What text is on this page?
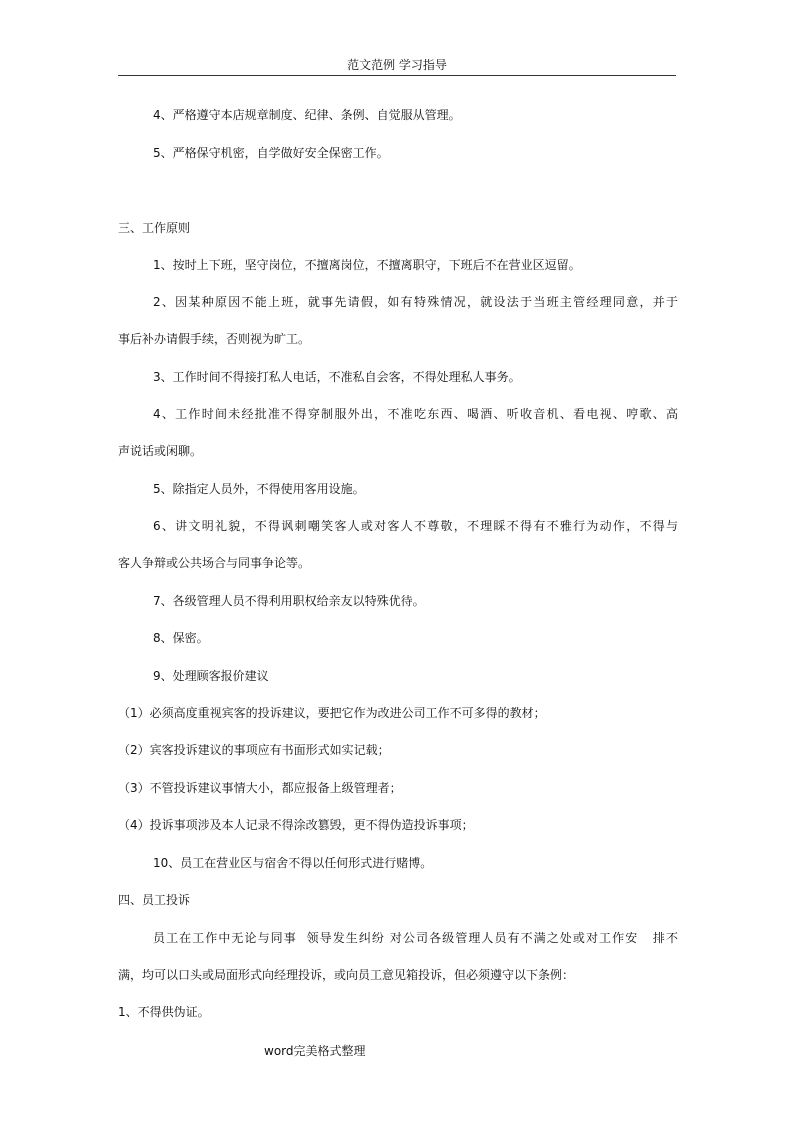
范文范例 学习指导
4、严格遵守本店规章制度、纪律、条例、自觉服从管理。
5、严格保守机密，自学做好安全保密工作。
三、工作原则
1、按时上下班，坚守岗位，不擅离岗位，不擅离职守，下班后不在营业区逗留。
2、因某种原因不能上班，就事先请假，如有特殊情况，就设法于当班主管经理同意，并于
事后补办请假手续，否则视为旷工。
3、工作时间不得接打私人电话，不准私自会客，不得处理私人事务。
4、工作时间未经批准不得穿制服外出，不准吃东西、喝酒、听收音机、看电视、哼歌、高
声说话或闲聊。
5、除指定人员外，不得使用客用设施。
6、讲文明礼貌，不得讽刺嘲笑客人或对客人不尊敬，不理睬不得有不雅行为动作，不得与
客人争辩或公共场合与同事争论等。
7、各级管理人员不得利用职权给亲友以特殊优待。
8、保密。
9、处理顾客报价建议
（1）必须高度重视宾客的投诉建议，要把它作为改进公司工作不可多得的教材；
（2）宾客投诉建议的事项应有书面形式如实记载；
（3）不管投诉建议事情大小，都应报备上级管理者；
（4）投诉事项涉及本人记录不得涂改篡毁，更不得伪造投诉事项；
10、员工在营业区与宿舍不得以任何形式进行赌博。
四、员工投诉
员工在工作中无论与同事  领导发生纠纷 对公司各级管理人员有不满之处或对工作安   排不
满，均可以口头或局面形式向经理投诉，或向员工意见箱投诉，但必须遵守以下条例：
1、不得供伪证。
word完美格式整理
